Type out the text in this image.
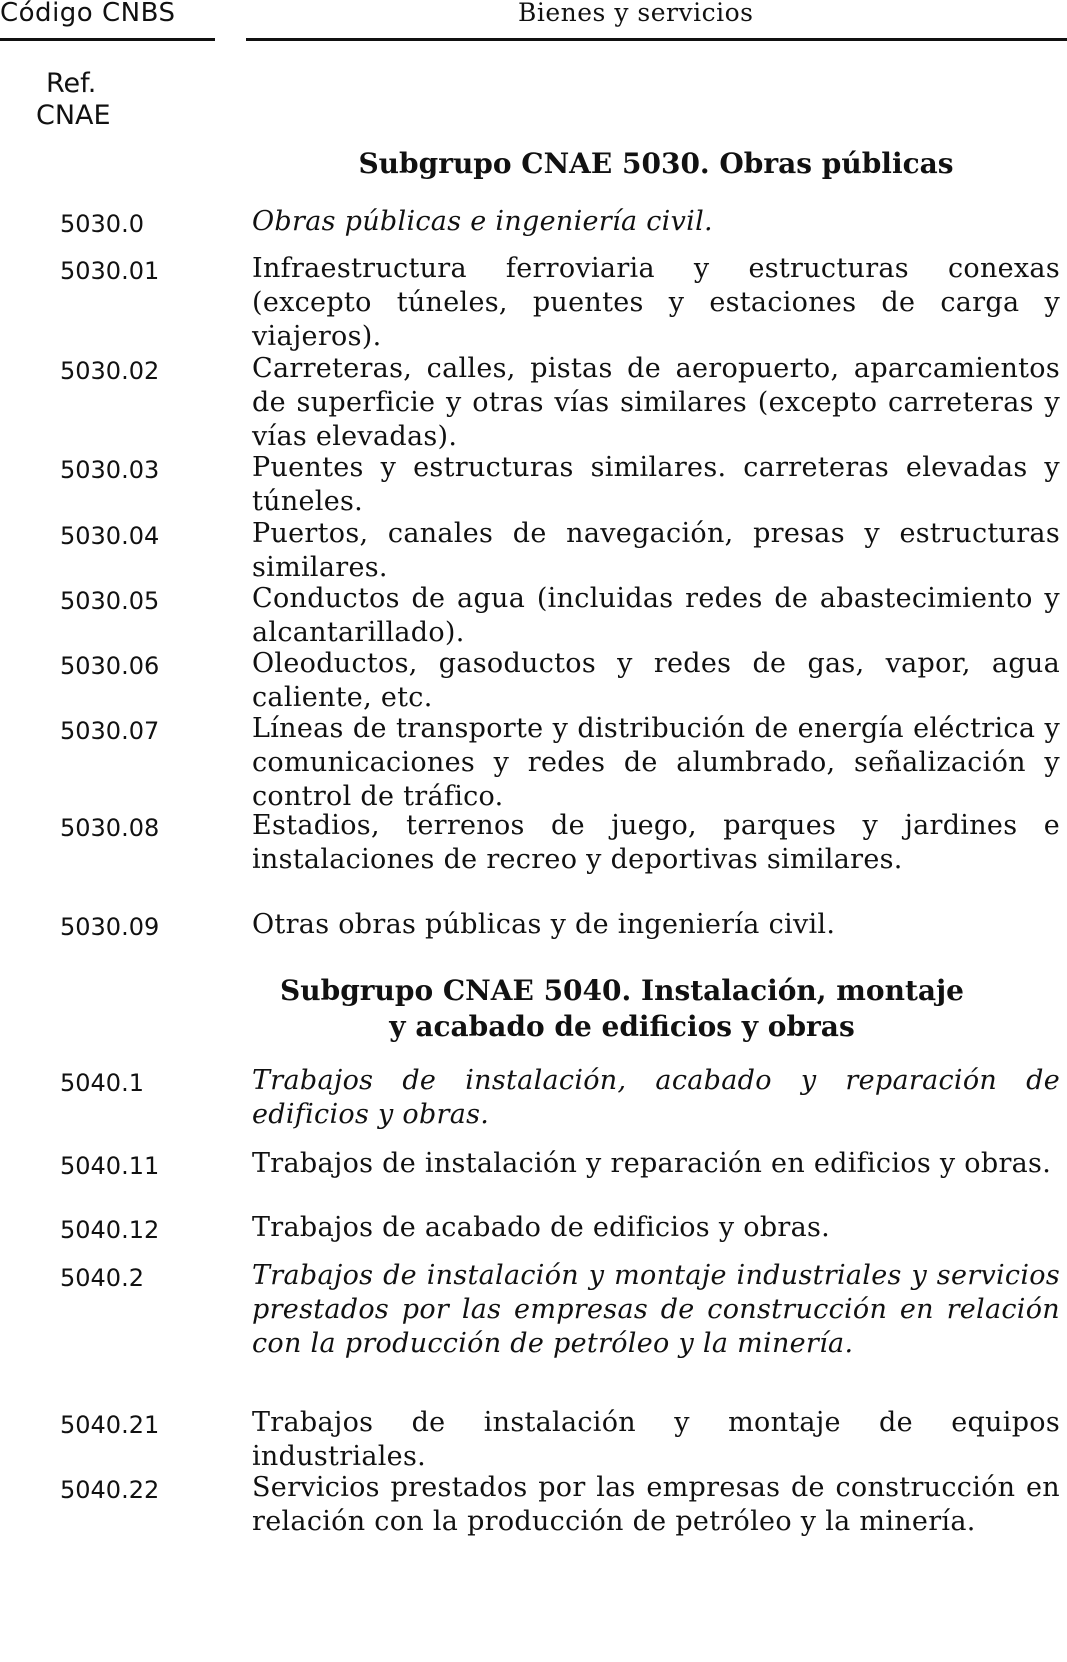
Código CNBS	Bienes y servicios
Ref.
CNAE
Subgrupo CNAE 5030. Obras públicas
5030.0	Obras públicas e ingeniería civil.
5030.01	Infraestructura ferroviaria y estructuras conexas (excepto túneles, puentes y estaciones de carga y viajeros).
5030.02	Carreteras, calles, pistas de aeropuerto, aparcamientos de superficie y otras vías similares (excepto carreteras y vías elevadas).
5030.03	Puentes y estructuras similares. carreteras elevadas y túneles.
5030.04	Puertos, canales de navegación, presas y estructuras similares.
5030.05	Conductos de agua (incluidas redes de abastecimiento y alcantarillado).
5030.06	Oleoductos, gasoductos y redes de gas, vapor, agua caliente, etc.
5030.07	Líneas de transporte y distribución de energía eléctrica y comunicaciones y redes de alumbrado, señalización y control de tráfico.
5030.08	Estadios, terrenos de juego, parques y jardines e instalaciones de recreo y deportivas similares.
5030.09	Otras obras públicas y de ingeniería civil.
Subgrupo CNAE 5040. Instalación, montaje
y acabado de edificios y obras
5040.1	Trabajos de instalación, acabado y reparación de edificios y obras.
5040.11	Trabajos de instalación y reparación en edificios y obras.
5040.12	Trabajos de acabado de edificios y obras.
5040.2	Trabajos de instalación y montaje industriales y servicios prestados por las empresas de construcción en relación con la producción de petróleo y la minería.
5040.21	Trabajos de instalación y montaje de equipos industriales.
5040.22	Servicios prestados por las empresas de construcción en relación con la producción de petróleo y la minería.
